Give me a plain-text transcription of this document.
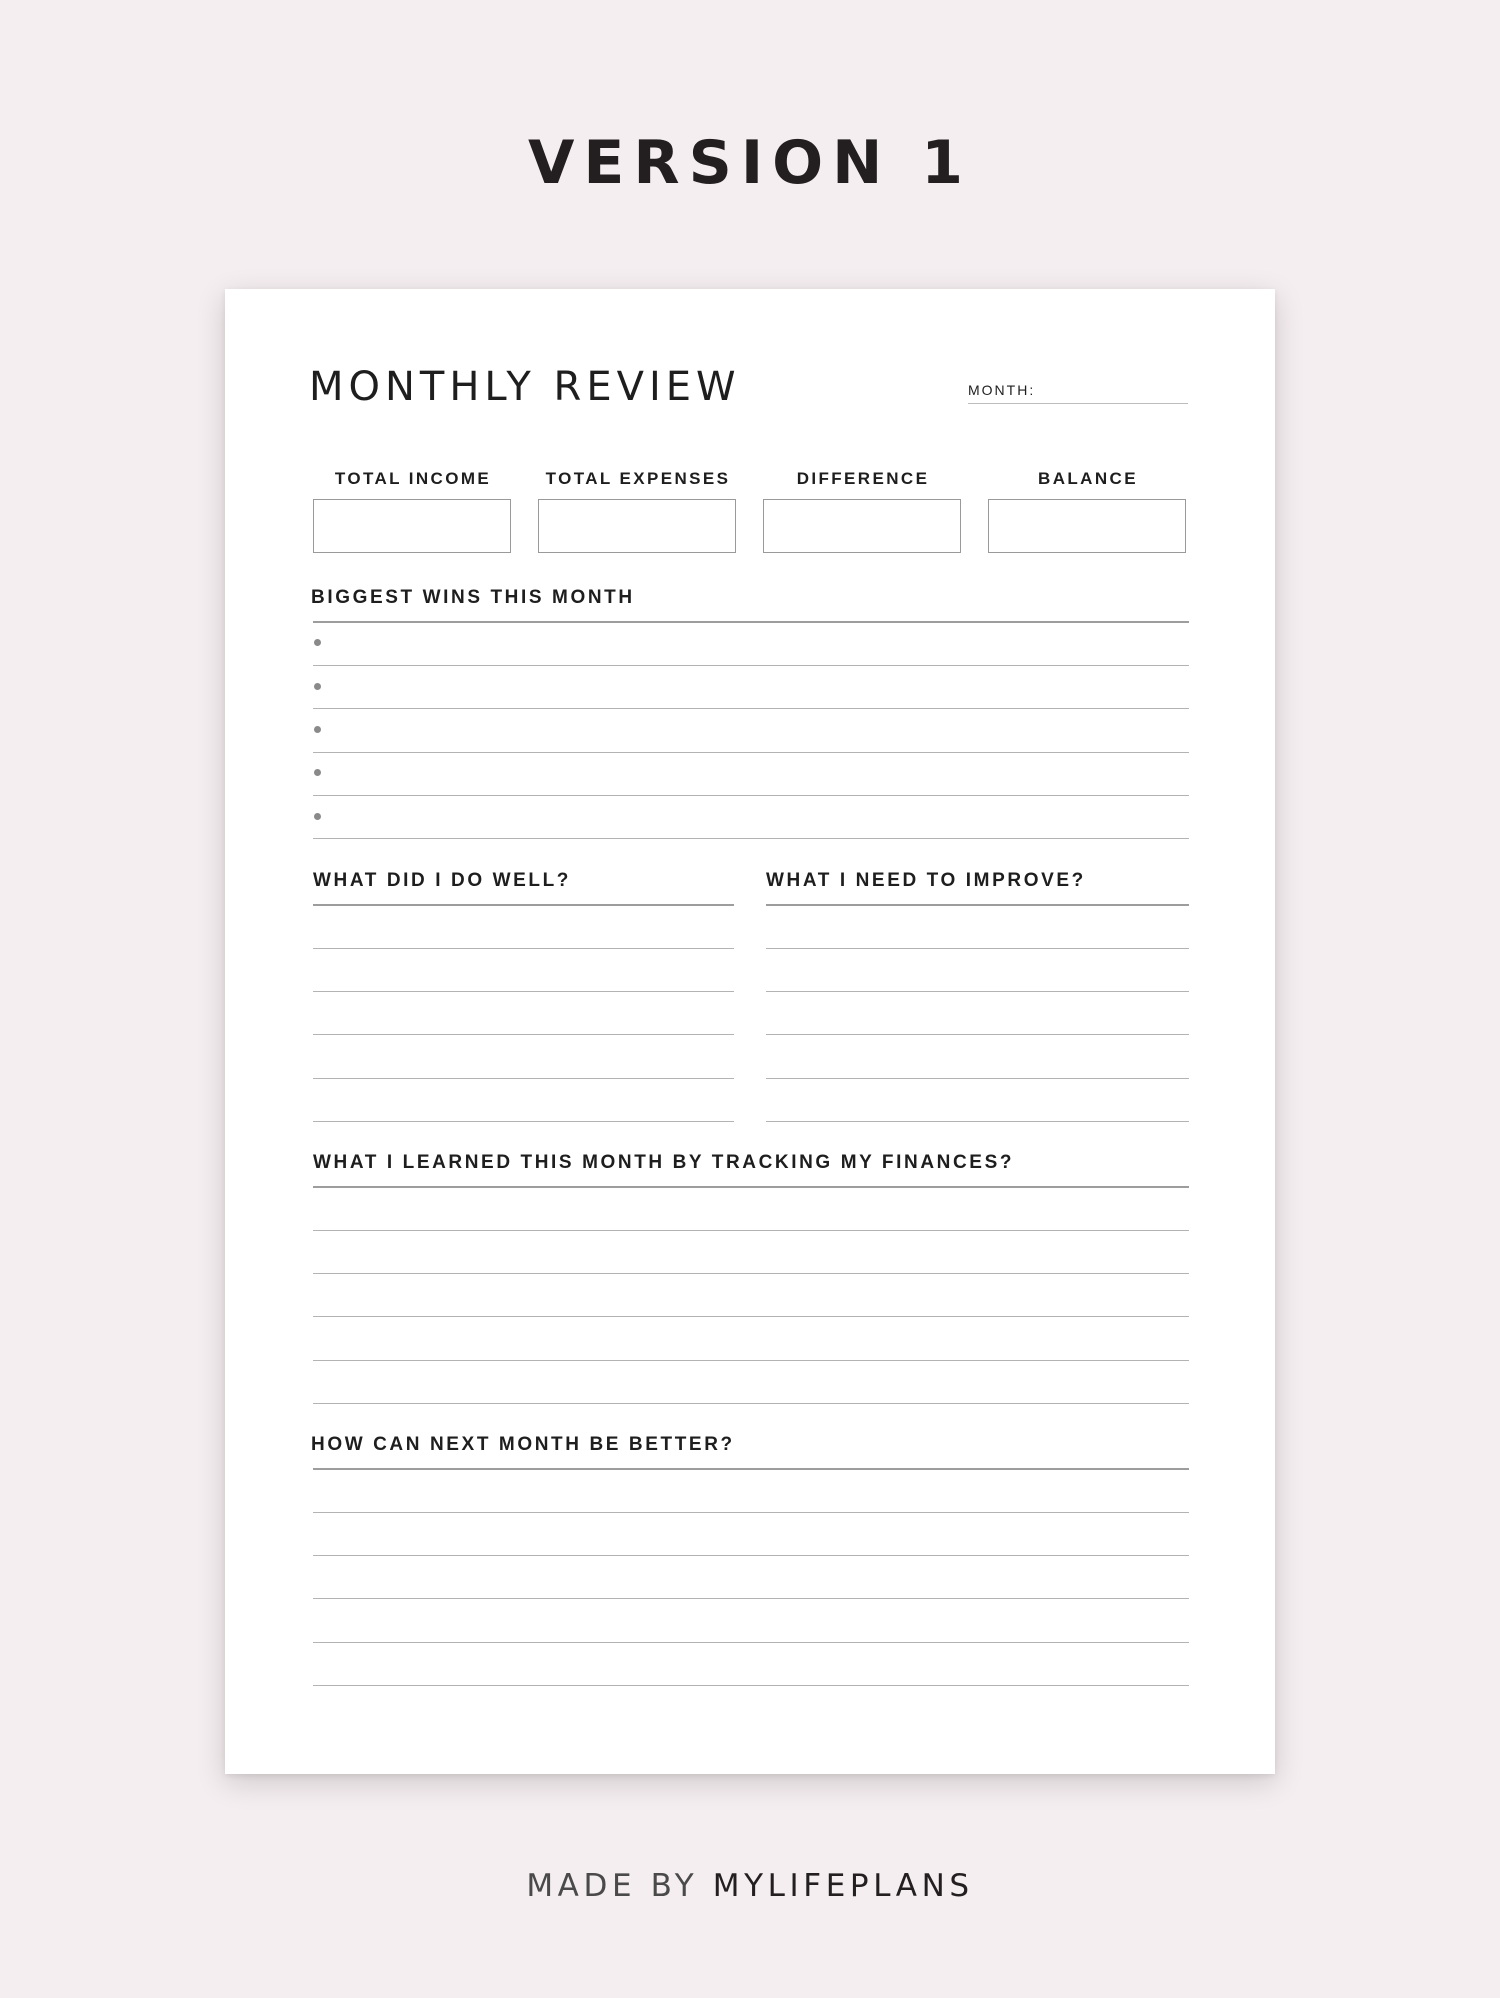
VERSION 1
MONTHLY REVIEW	MONTH:
TOTAL INCOME	TOTAL EXPENSES	DIFFERENCE	BALANCE
BIGGEST WINS THIS MONTH
WHAT DID I DO WELL?	WHAT I NEED TO IMPROVE?
WHAT I LEARNED THIS MONTH BY TRACKING MY FINANCES?
HOW CAN NEXT MONTH BE BETTER?
MADE BY MYLIFEPLANS
